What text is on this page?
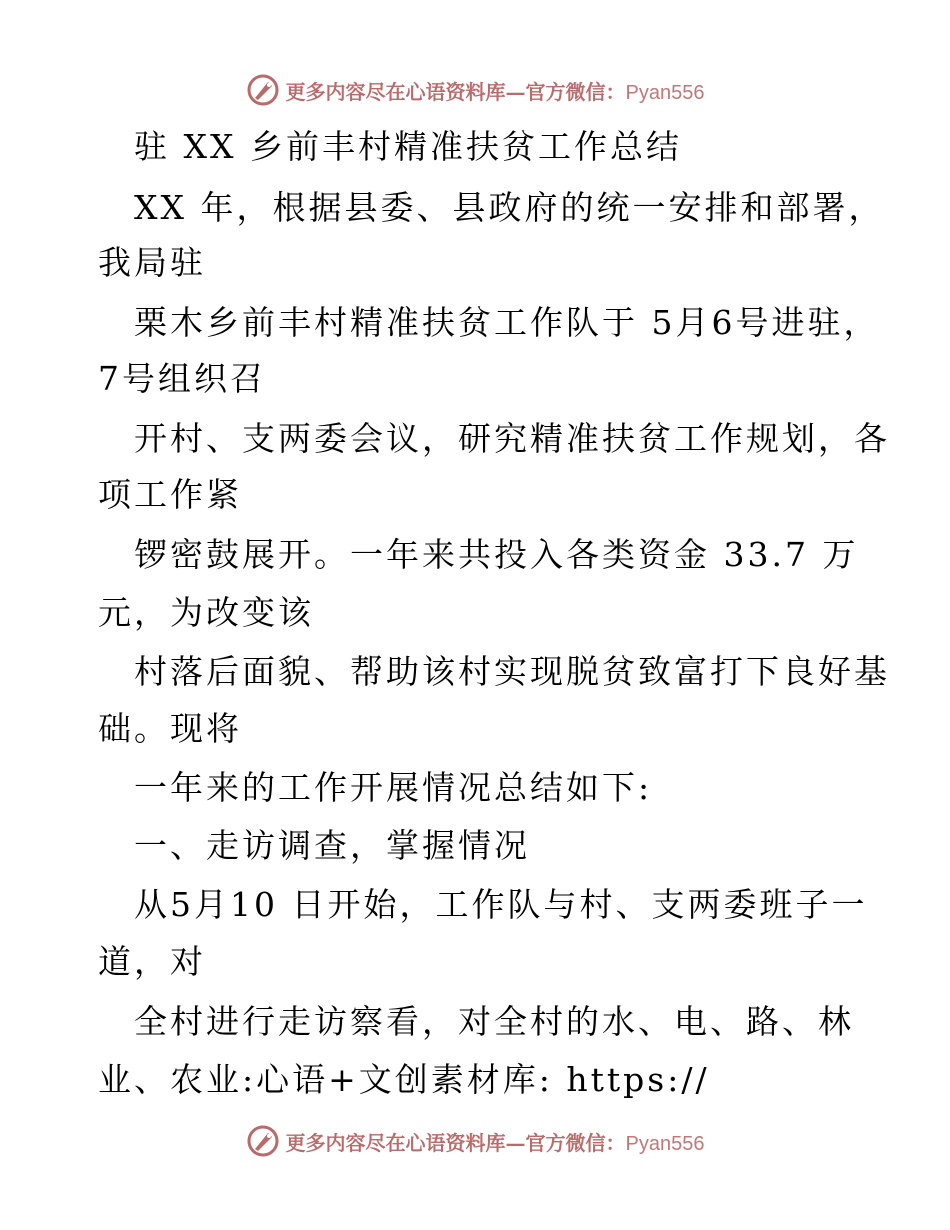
更多内容尽在心语资料库—官方微信：Pyan556
驻 XX 乡前丰村精准扶贫工作总结
XX 年，根据县委、县政府的统一安排和部署，
我局驻
栗木乡前丰村精准扶贫工作队于 5月6号进驻，
7号组织召
开村、支两委会议，研究精准扶贫工作规划，各
项工作紧
锣密鼓展开。一年来共投入各类资金 33.7 万
元，为改变该
村落后面貌、帮助该村实现脱贫致富打下良好基
础。现将
一年来的工作开展情况总结如下:
一、走访调查，掌握情况
从5月10 日开始，工作队与村、支两委班子一
道，对
全村进行走访察看，对全村的水、电、路、林
业、农业:心语+文创素材库: https://
更多内容尽在心语资料库—官方微信：Pyan556
